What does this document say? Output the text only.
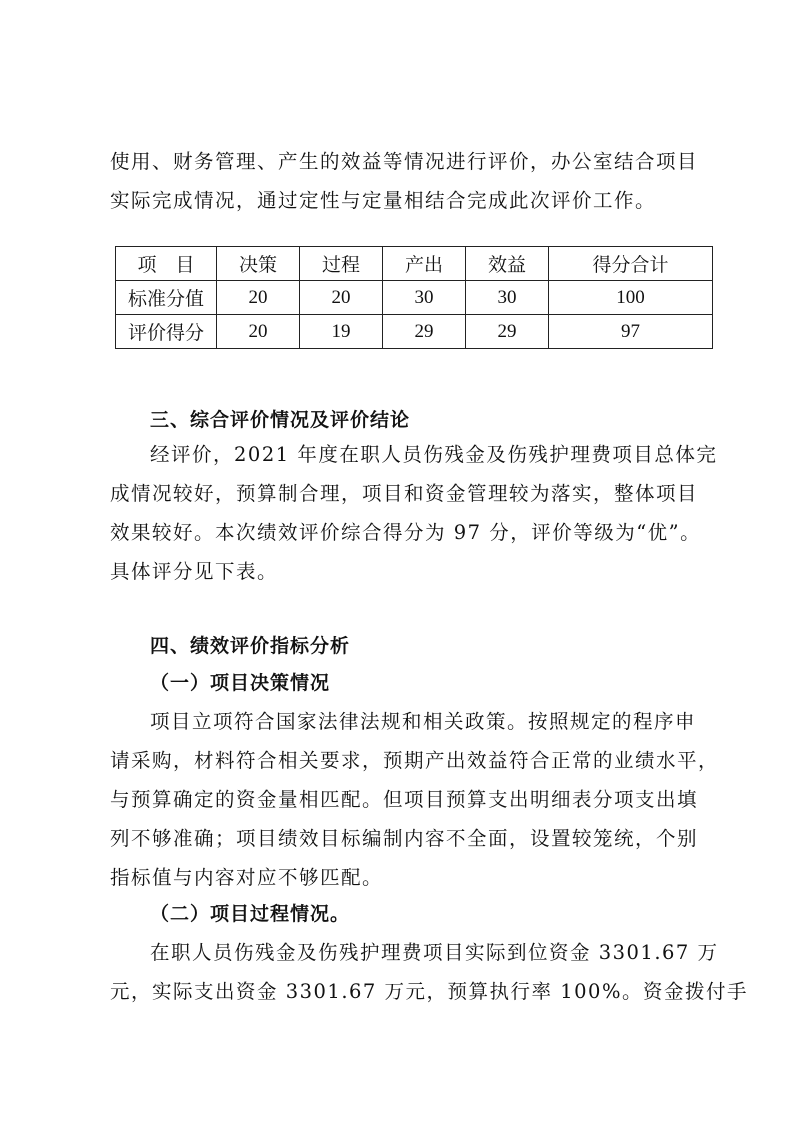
使用、财务管理、产生的效益等情况进行评价，办公室结合项目
实际完成情况，通过定性与定量相结合完成此次评价工作。
项　目	决策	过程	产出	效益	得分合计
标准分值	20	20	30	30	100
评价得分	20	19	29	29	97
三、综合评价情况及评价结论
经评价，2021 年度在职人员伤残金及伤残护理费项目总体完
成情况较好，预算制合理，项目和资金管理较为落实，整体项目
效果较好。本次绩效评价综合得分为 97 分，评价等级为“优”。
具体评分见下表。
四、绩效评价指标分析
（一）项目决策情况
项目立项符合国家法律法规和相关政策。按照规定的程序申
请采购，材料符合相关要求，预期产出效益符合正常的业绩水平，
与预算确定的资金量相匹配。但项目预算支出明细表分项支出填
列不够准确；项目绩效目标编制内容不全面，设置较笼统，个别
指标值与内容对应不够匹配。
（二）项目过程情况。
在职人员伤残金及伤残护理费项目实际到位资金 3301.67 万
元，实际支出资金 3301.67 万元，预算执行率 100%。资金拨付手
